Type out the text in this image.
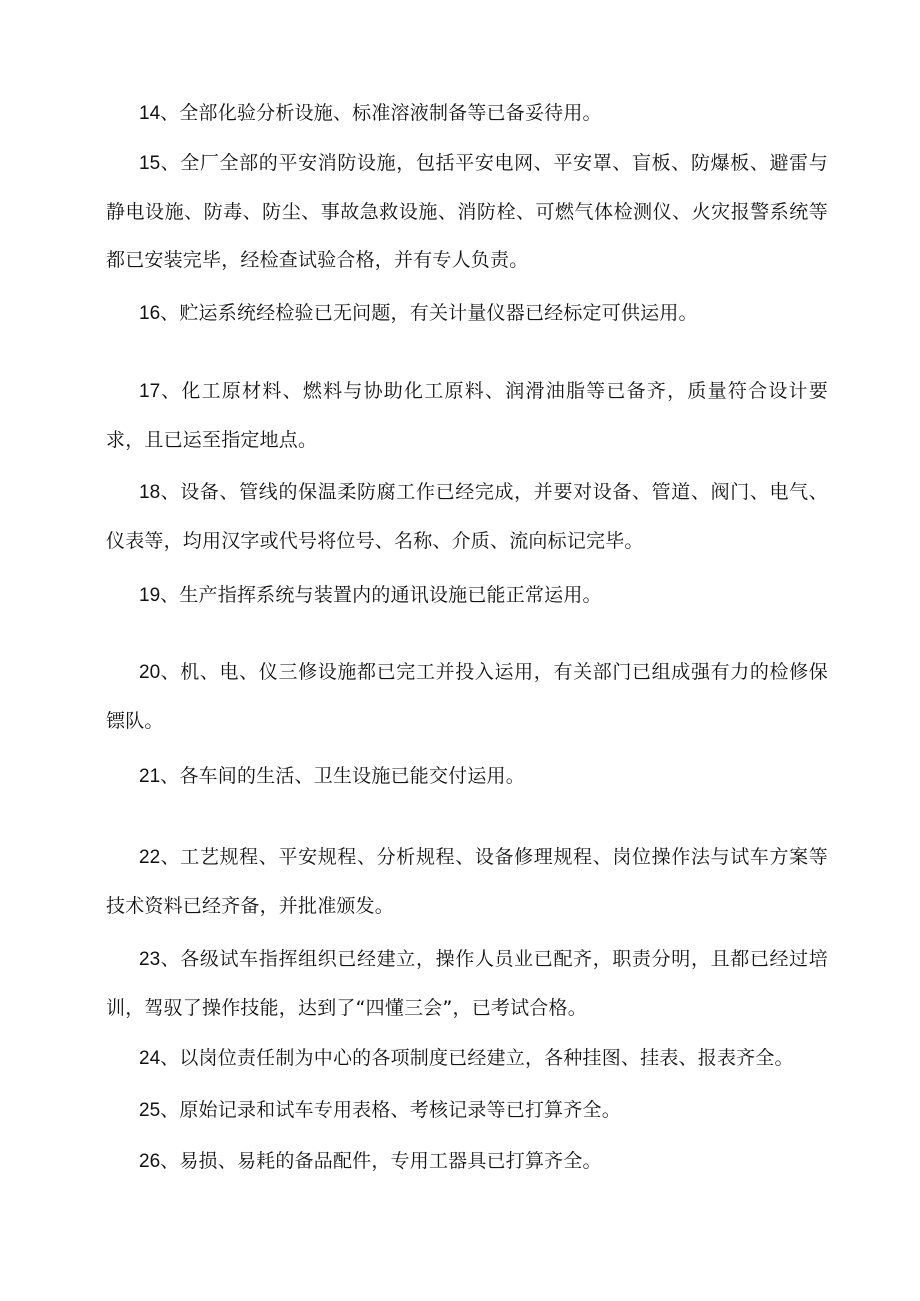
14、全部化验分析设施、标准溶液制备等已备妥待用。

15、全厂全部的平安消防设施，包括平安电网、平安罩、盲板、防爆板、避雷与静电设施、防毒、防尘、事故急救设施、消防栓、可燃气体检测仪、火灾报警系统等都已安装完毕，经检查试验合格，并有专人负责。

16、贮运系统经检验已无问题，有关计量仪器已经标定可供运用。

17、化工原材料、燃料与协助化工原料、润滑油脂等已备齐，质量符合设计要求，且已运至指定地点。

18、设备、管线的保温柔防腐工作已经完成，并要对设备、管道、阀门、电气、仪表等，均用汉字或代号将位号、名称、介质、流向标记完毕。

19、生产指挥系统与装置内的通讯设施已能正常运用。

20、机、电、仪三修设施都已完工并投入运用，有关部门已组成强有力的检修保镖队。

21、各车间的生活、卫生设施已能交付运用。

22、工艺规程、平安规程、分析规程、设备修理规程、岗位操作法与试车方案等技术资料已经齐备，并批准颁发。

23、各级试车指挥组织已经建立，操作人员业已配齐，职责分明，且都已经过培训，驾驭了操作技能，达到了“四懂三会”，已考试合格。

24、以岗位责任制为中心的各项制度已经建立，各种挂图、挂表、报表齐全。

25、原始记录和试车专用表格、考核记录等已打算齐全。

26、易损、易耗的备品配件，专用工器具已打算齐全。
